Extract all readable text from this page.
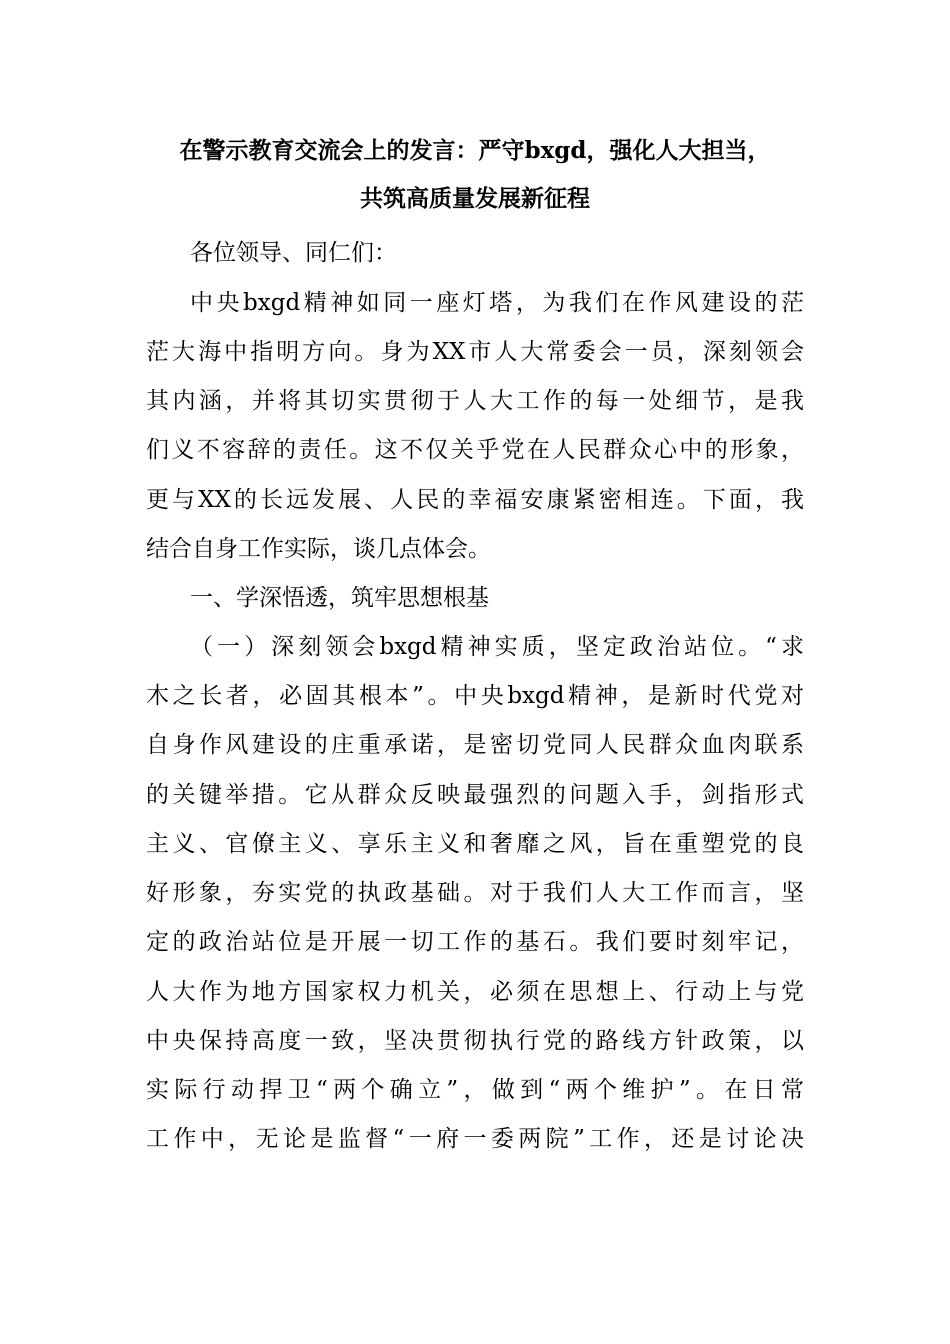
在警示教育交流会上的发言：严守bxgd，强化人大担当，
共筑高质量发展新征程
各位领导、同仁们：
中央bxgd精神如同一座灯塔，为我们在作风建设的茫
茫大海中指明方向。身为XX市人大常委会一员，深刻领会
其内涵，并将其切实贯彻于人大工作的每一处细节，是我
们义不容辞的责任。这不仅关乎党在人民群众心中的形象，
更与XX的长远发展、人民的幸福安康紧密相连。下面，我
结合自身工作实际，谈几点体会。
一、学深悟透，筑牢思想根基
（一）深刻领会bxgd精神实质，坚定政治站位。“求
木之长者，必固其根本”。中央bxgd精神，是新时代党对
自身作风建设的庄重承诺，是密切党同人民群众血肉联系
的关键举措。它从群众反映最强烈的问题入手，剑指形式
主义、官僚主义、享乐主义和奢靡之风，旨在重塑党的良
好形象，夯实党的执政基础。对于我们人大工作而言，坚
定的政治站位是开展一切工作的基石。我们要时刻牢记，
人大作为地方国家权力机关，必须在思想上、行动上与党
中央保持高度一致，坚决贯彻执行党的路线方针政策，以
实际行动捍卫“两个确立”，做到“两个维护”。在日常
工作中，无论是监督“一府一委两院”工作，还是讨论决
